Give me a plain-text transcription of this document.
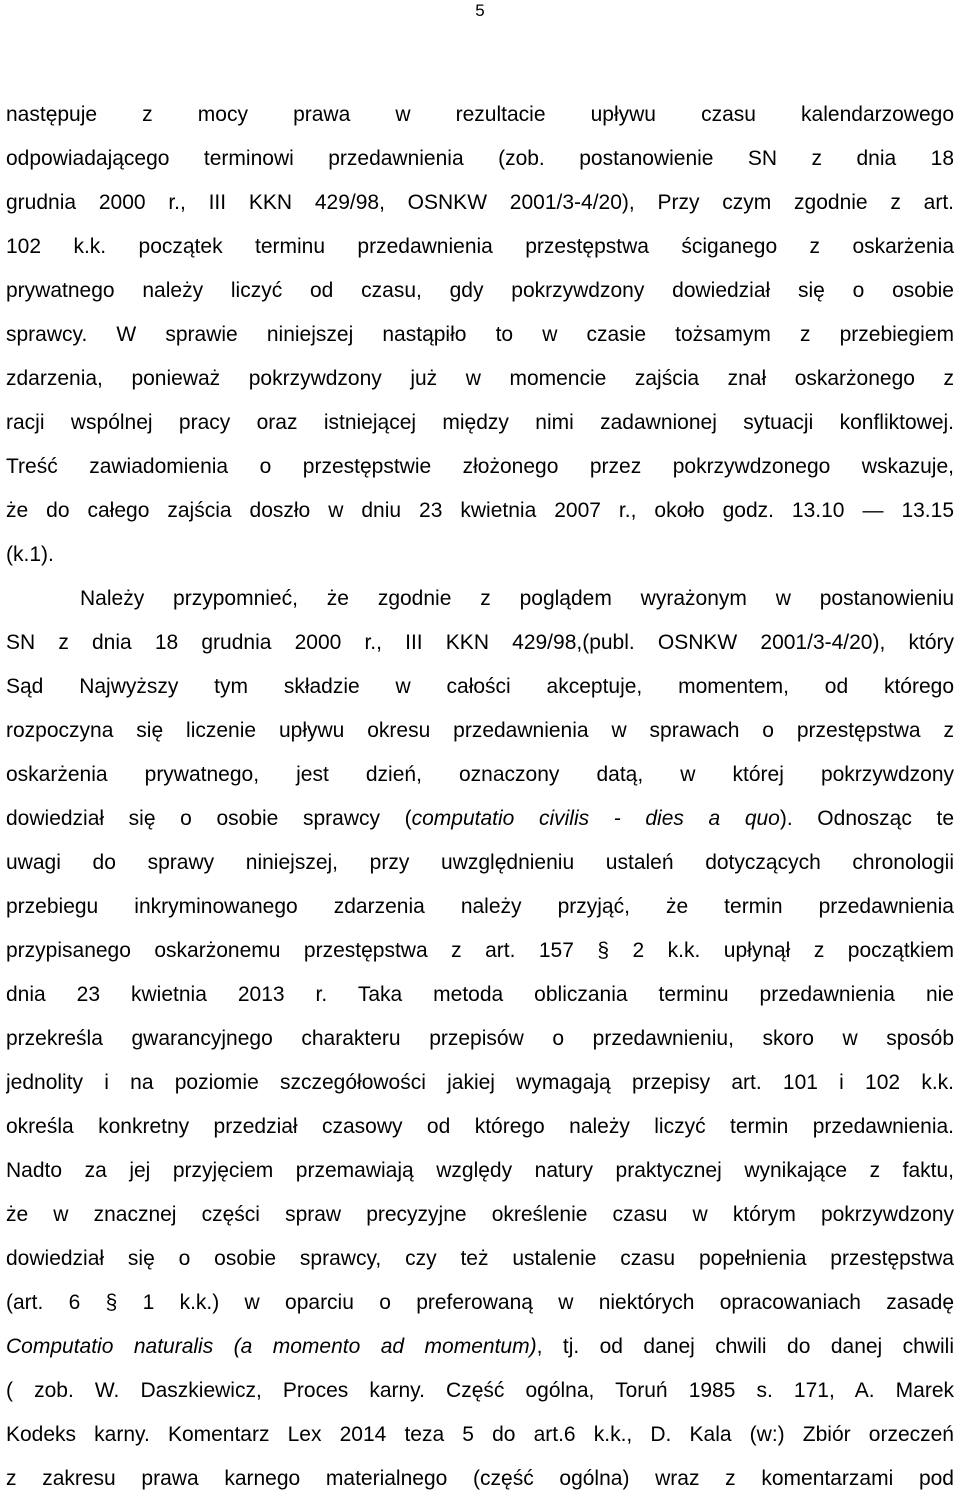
5
następuje z mocy prawa w rezultacie upływu czasu kalendarzowego
odpowiadającego terminowi przedawnienia (zob. postanowienie SN z dnia 18
grudnia 2000 r., III KKN 429/98, OSNKW 2001/3-4/20), Przy czym zgodnie z art.
102 k.k. początek terminu przedawnienia przestępstwa ściganego z oskarżenia
prywatnego należy liczyć od czasu, gdy pokrzywdzony dowiedział się o osobie
sprawcy. W sprawie niniejszej nastąpiło to w czasie tożsamym z przebiegiem
zdarzenia, ponieważ pokrzywdzony już w momencie zajścia znał oskarżonego z
racji wspólnej pracy oraz istniejącej między nimi zadawnionej sytuacji konfliktowej.
Treść zawiadomienia o przestępstwie złożonego przez pokrzywdzonego wskazuje,
że do całego zajścia doszło w dniu 23 kwietnia 2007 r., około godz. 13.10 — 13.15
(k.1).
Należy przypomnieć, że zgodnie z poglądem wyrażonym w postanowieniu
SN z dnia 18 grudnia 2000 r., III KKN 429/98,(publ. OSNKW 2001/3-4/20), który
Sąd Najwyższy tym składzie w całości akceptuje, momentem, od którego
rozpoczyna się liczenie upływu okresu przedawnienia w sprawach o przestępstwa z
oskarżenia prywatnego, jest dzień, oznaczony datą, w której pokrzywdzony
dowiedział się o osobie sprawcy (computatio civilis - dies a quo). Odnosząc te
uwagi do sprawy niniejszej, przy uwzględnieniu ustaleń dotyczących chronologii
przebiegu inkryminowanego zdarzenia należy przyjąć, że termin przedawnienia
przypisanego oskarżonemu przestępstwa z art. 157 § 2 k.k. upłynął z początkiem
dnia 23 kwietnia 2013 r. Taka metoda obliczania terminu przedawnienia nie
przekreśla gwarancyjnego charakteru przepisów o przedawnieniu, skoro w sposób
jednolity i na poziomie szczegółowości jakiej wymagają przepisy art. 101 i 102 k.k.
określa konkretny przedział czasowy od którego należy liczyć termin przedawnienia.
Nadto za jej przyjęciem przemawiają względy natury praktycznej wynikające z faktu,
że w znacznej części spraw precyzyjne określenie czasu w którym pokrzywdzony
dowiedział się o osobie sprawcy, czy też ustalenie czasu popełnienia przestępstwa
(art. 6 § 1 k.k.) w oparciu o preferowaną w niektórych opracowaniach zasadę
Computatio naturalis (a momento ad momentum), tj. od danej chwili do danej chwili
( zob. W. Daszkiewicz, Proces karny. Część ogólna, Toruń 1985 s. 171, A. Marek
Kodeks karny. Komentarz Lex 2014 teza 5 do art.6 k.k., D. Kala (w:) Zbiór orzeczeń
z zakresu prawa karnego materialnego (część ogólna) wraz z komentarzami pod
